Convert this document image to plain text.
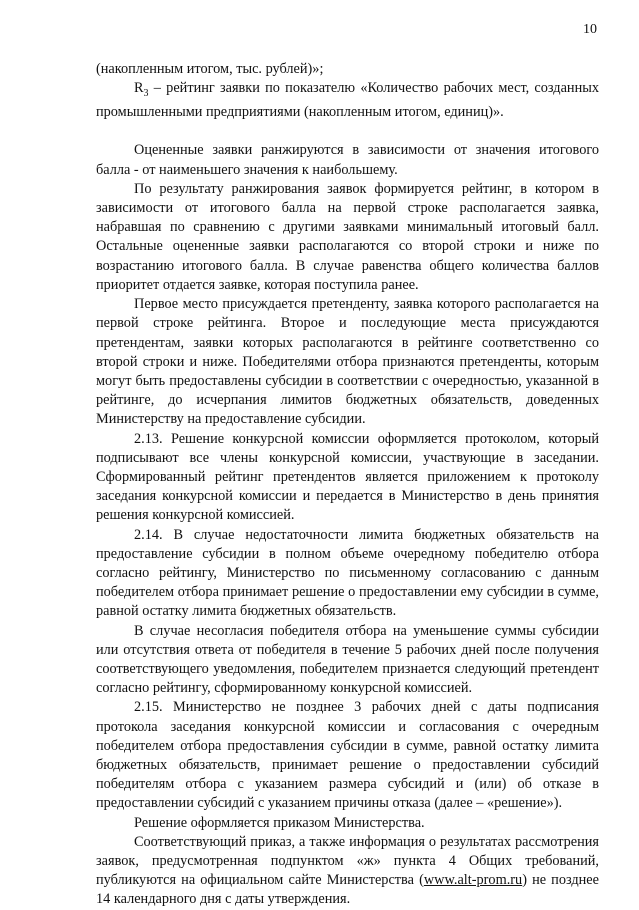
10

(накопленным итогом, тыс. рублей)»;

$R_3$ – рейтинг заявки по показателю «Количество рабочих мест, созданных промышленными предприятиями (накопленным итогом, единиц)».

Оцененные заявки ранжируются в зависимости от значения итогового балла - от наименьшего значения к наибольшему.

По результату ранжирования заявок формируется рейтинг, в котором в зависимости от итогового балла на первой строке располагается заявка, набравшая по сравнению с другими заявками минимальный итоговый балл. Остальные оцененные заявки располагаются со второй строки и ниже по возрастанию итогового балла. В случае равенства общего количества баллов приоритет отдается заявке, которая поступила ранее.

Первое место присуждается претенденту, заявка которого располагается на первой строке рейтинга. Второе и последующие места присуждаются претендентам, заявки которых располагаются в рейтинге соответственно со второй строки и ниже. Победителями отбора признаются претенденты, которым могут быть предоставлены субсидии в соответствии с очередностью, указанной в рейтинге, до исчерпания лимитов бюджетных обязательств, доведенных Министерству на предоставление субсидии.

2.13. Решение конкурсной комиссии оформляется протоколом, который подписывают все члены конкурсной комиссии, участвующие в заседании. Сформированный рейтинг претендентов является приложением к протоколу заседания конкурсной комиссии и передается в Министерство в день принятия решения конкурсной комиссией.

2.14. В случае недостаточности лимита бюджетных обязательств на предоставление субсидии в полном объеме очередному победителю отбора согласно рейтингу, Министерство по письменному согласованию с данным победителем отбора принимает решение о предоставлении ему субсидии в сумме, равной остатку лимита бюджетных обязательств.

В случае несогласия победителя отбора на уменьшение суммы субсидии или отсутствия ответа от победителя в течение 5 рабочих дней после получения соответствующего уведомления, победителем признается следующий претендент согласно рейтингу, сформированному конкурсной комиссией.

2.15. Министерство не позднее 3 рабочих дней с даты подписания протокола заседания конкурсной комиссии и согласования с очередным победителем отбора предоставления субсидии в сумме, равной остатку лимита бюджетных обязательств, принимает решение о предоставлении субсидий победителям отбора с указанием размера субсидий и (или) об отказе в предоставлении субсидий с указанием причины отказа (далее – «решение»).

Решение оформляется приказом Министерства.

Соответствующий приказ, а также информация о результатах рассмотрения заявок, предусмотренная подпунктом «ж» пункта 4 Общих требований, публикуются на официальном сайте Министерства (www.alt-prom.ru) не позднее 14 календарного дня с даты утверждения.
